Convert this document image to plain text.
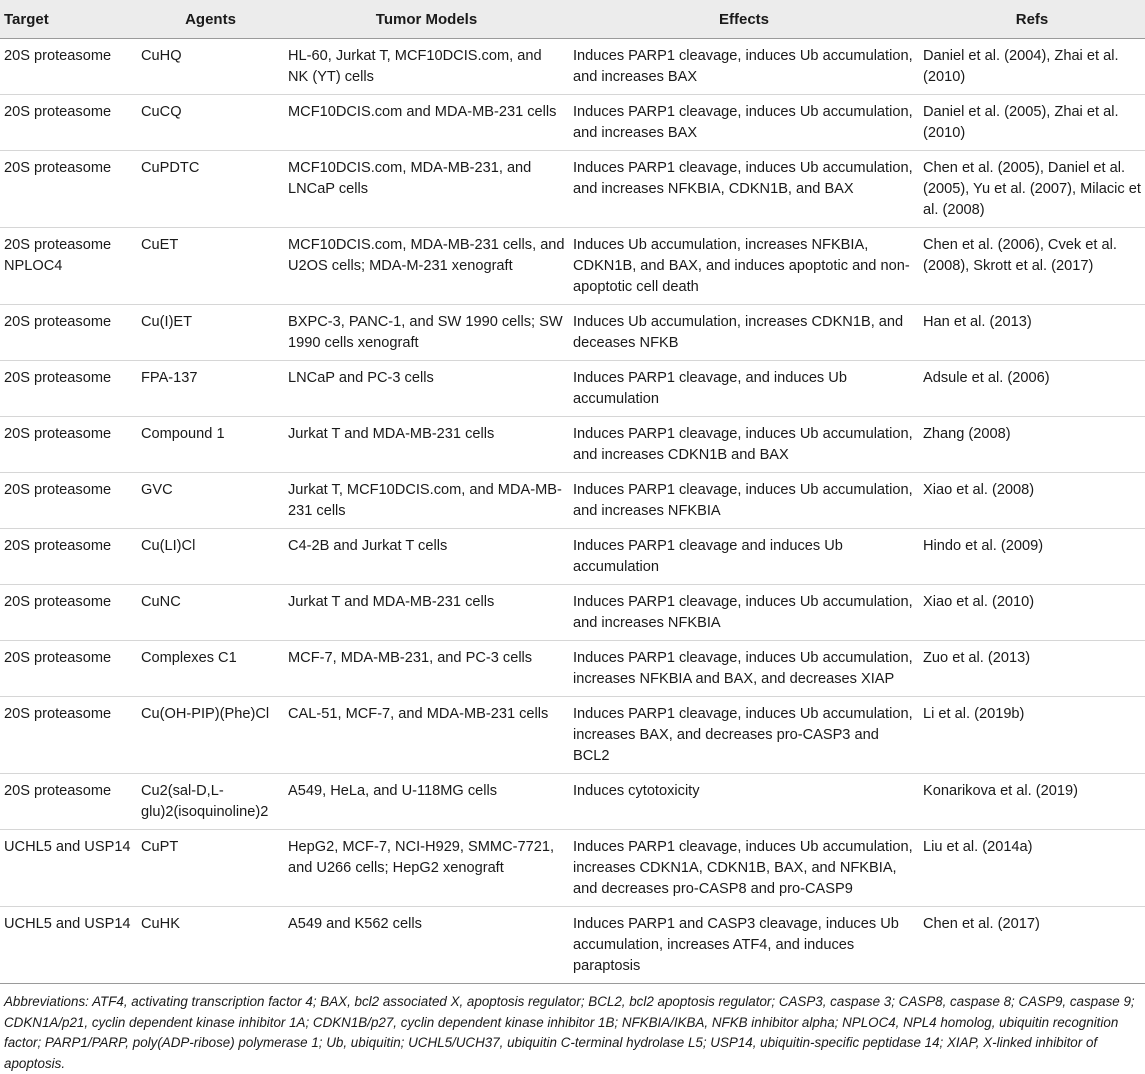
Target	Agents	Tumor Models	Effects	Refs
20S proteasome	CuHQ	HL-60, Jurkat T, MCF10DCIS.com, and NK (YT) cells	Induces PARP1 cleavage, induces Ub accumulation, and increases BAX	Daniel et al. (2004), Zhai et al. (2010)
20S proteasome	CuCQ	MCF10DCIS.com and MDA-MB-231 cells	Induces PARP1 cleavage, induces Ub accumulation, and increases BAX	Daniel et al. (2005), Zhai et al. (2010)
20S proteasome	CuPDTC	MCF10DCIS.com, MDA-MB-231, and LNCaP cells	Induces PARP1 cleavage, induces Ub accumulation, and increases NFKBIA, CDKN1B, and BAX	Chen et al. (2005), Daniel et al. (2005), Yu et al. (2007), Milacic et al. (2008)
20S proteasome NPLOC4	CuET	MCF10DCIS.com, MDA-MB-231 cells, and U2OS cells; MDA-M-231 xenograft	Induces Ub accumulation, increases NFKBIA, CDKN1B, and BAX, and induces apoptotic and non-apoptotic cell death	Chen et al. (2006), Cvek et al. (2008), Skrott et al. (2017)
20S proteasome	Cu(I)ET	BXPC-3, PANC-1, and SW 1990 cells; SW 1990 cells xenograft	Induces Ub accumulation, increases CDKN1B, and deceases NFKB	Han et al. (2013)
20S proteasome	FPA-137	LNCaP and PC-3 cells	Induces PARP1 cleavage, and induces Ub accumulation	Adsule et al. (2006)
20S proteasome	Compound 1	Jurkat T and MDA-MB-231 cells	Induces PARP1 cleavage, induces Ub accumulation, and increases CDKN1B and BAX	Zhang (2008)
20S proteasome	GVC	Jurkat T, MCF10DCIS.com, and MDA-MB-231 cells	Induces PARP1 cleavage, induces Ub accumulation, and increases NFKBIA	Xiao et al. (2008)
20S proteasome	Cu(LI)Cl	C4-2B and Jurkat T cells	Induces PARP1 cleavage and induces Ub accumulation	Hindo et al. (2009)
20S proteasome	CuNC	Jurkat T and MDA-MB-231 cells	Induces PARP1 cleavage, induces Ub accumulation, and increases NFKBIA	Xiao et al. (2010)
20S proteasome	Complexes C1	MCF-7, MDA-MB-231, and PC-3 cells	Induces PARP1 cleavage, induces Ub accumulation, increases NFKBIA and BAX, and decreases XIAP	Zuo et al. (2013)
20S proteasome	Cu(OH-PIP)(Phe)Cl	CAL-51, MCF-7, and MDA-MB-231 cells	Induces PARP1 cleavage, induces Ub accumulation, increases BAX, and decreases pro-CASP3 and BCL2	Li et al. (2019b)
20S proteasome	Cu2(sal-D,L-glu)2(isoquinoline)2	A549, HeLa, and U-118MG cells	Induces cytotoxicity	Konarikova et al. (2019)
UCHL5 and USP14	CuPT	HepG2, MCF-7, NCI-H929, SMMC-7721, and U266 cells; HepG2 xenograft	Induces PARP1 cleavage, induces Ub accumulation, increases CDKN1A, CDKN1B, BAX, and NFKBIA, and decreases pro-CASP8 and pro-CASP9	Liu et al. (2014a)
UCHL5 and USP14	CuHK	A549 and K562 cells	Induces PARP1 and CASP3 cleavage, induces Ub accumulation, increases ATF4, and induces paraptosis	Chen et al. (2017)
Abbreviations: ATF4, activating transcription factor 4; BAX, bcl2 associated X, apoptosis regulator; BCL2, bcl2 apoptosis regulator; CASP3, caspase 3; CASP8, caspase 8; CASP9, caspase 9; CDKN1A/p21, cyclin dependent kinase inhibitor 1A; CDKN1B/p27, cyclin dependent kinase inhibitor 1B; NFKBIA/IKBA, NFKB inhibitor alpha; NPLOC4, NPL4 homolog, ubiquitin recognition factor; PARP1/PARP, poly(ADP-ribose) polymerase 1; Ub, ubiquitin; UCHL5/UCH37, ubiquitin C-terminal hydrolase L5; USP14, ubiquitin-specific peptidase 14; XIAP, X-linked inhibitor of apoptosis.
